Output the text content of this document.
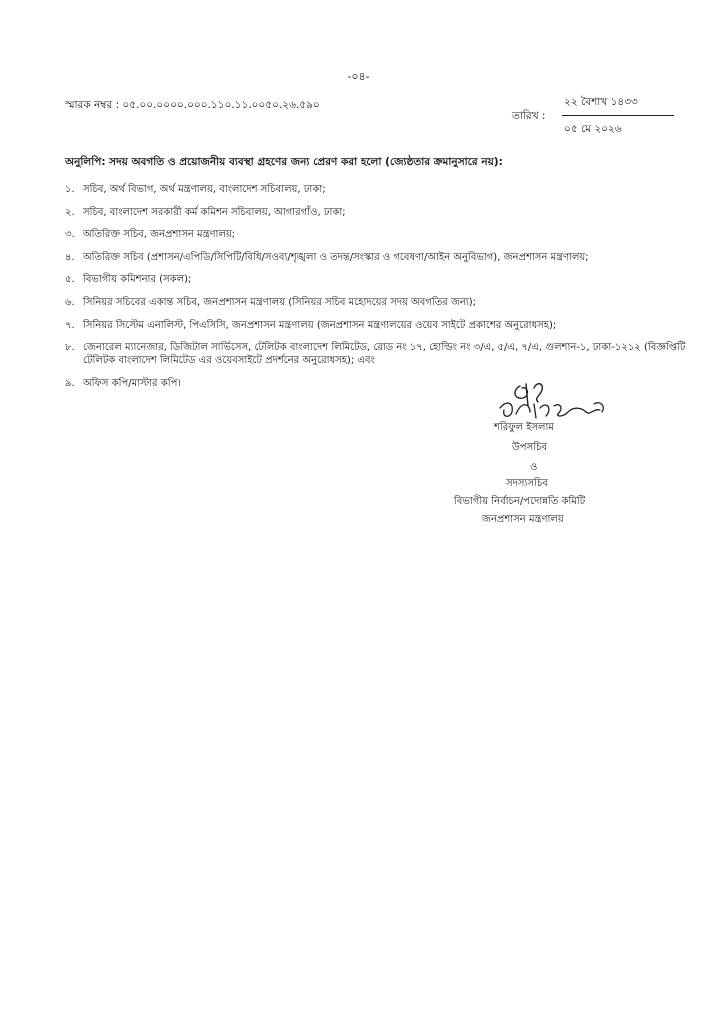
-০৪-
স্মারক নম্বর : ০৫.০০.০০০০.০০০.১১০.১১.০০৫০.২৬.৫৯০
তারিখ :
২২ বৈশাখ ১৪৩৩
০৫ মে ২০২৬
অনুলিপি: সদয় অবগতি ও প্রয়োজনীয় ব্যবস্থা গ্রহণের জন্য প্রেরণ করা হলো (জ্যেষ্ঠতার ক্রমানুসারে নয়):
১. সচিব, অর্থ বিভাগ, অর্থ মন্ত্রণালয়, বাংলাদেশ সচিবালয়, ঢাকা;
২. সচিব, বাংলাদেশ সরকারী কর্ম কমিশন সচিবালয়, আগারগাঁও, ঢাকা;
৩. অতিরিক্ত সচিব, জনপ্রশাসন মন্ত্রণালয়;
৪. অতিরিক্ত সচিব (প্রশাসন/এপিডি/সিপিটি/বিধি/সওব্য/শৃঙ্খলা ও তদন্ত/সংস্কার ও গবেষণা/আইন অনুবিভাগ), জনপ্রশাসন মন্ত্রণালয়;
৫. বিভাগীয় কমিশনার (সকল);
৬. সিনিয়র সচিবের একান্ত সচিব, জনপ্রশাসন মন্ত্রণালয় (সিনিয়র সচিব মহোদয়ের সদয় অবগতির জন্য);
৭. সিনিয়র সিস্টেম এনালিস্ট, পিএসিসি, জনপ্রশাসন মন্ত্রণালয় (জনপ্রশাসন মন্ত্রণালয়ের ওয়েব সাইটে প্রকাশের অনুরোধসহ);
৮. জেনারেল ম্যানেজার, ডিজিটাল সার্ভিসেস, টেলিটক বাংলাদেশ লিমিটেড, রোড নং ১৭, হোল্ডিং নং ৩/এ, ৫/এ, ৭/এ, গুলশান-১, ঢাকা-১২১২ (বিজ্ঞপ্তিটি টেলিটক বাংলাদেশ লিমিটেড এর ওয়েবসাইটে প্রদর্শনের অনুরোধসহ); এবং
৯. অফিস কপি/মাস্টার কপি।
শরিফুল ইসলাম
উপসচিব
ও
সদস্যসচিব
বিভাগীয় নির্বাচন/পদোন্নতি কমিটি
জনপ্রশাসন মন্ত্রণালয়
